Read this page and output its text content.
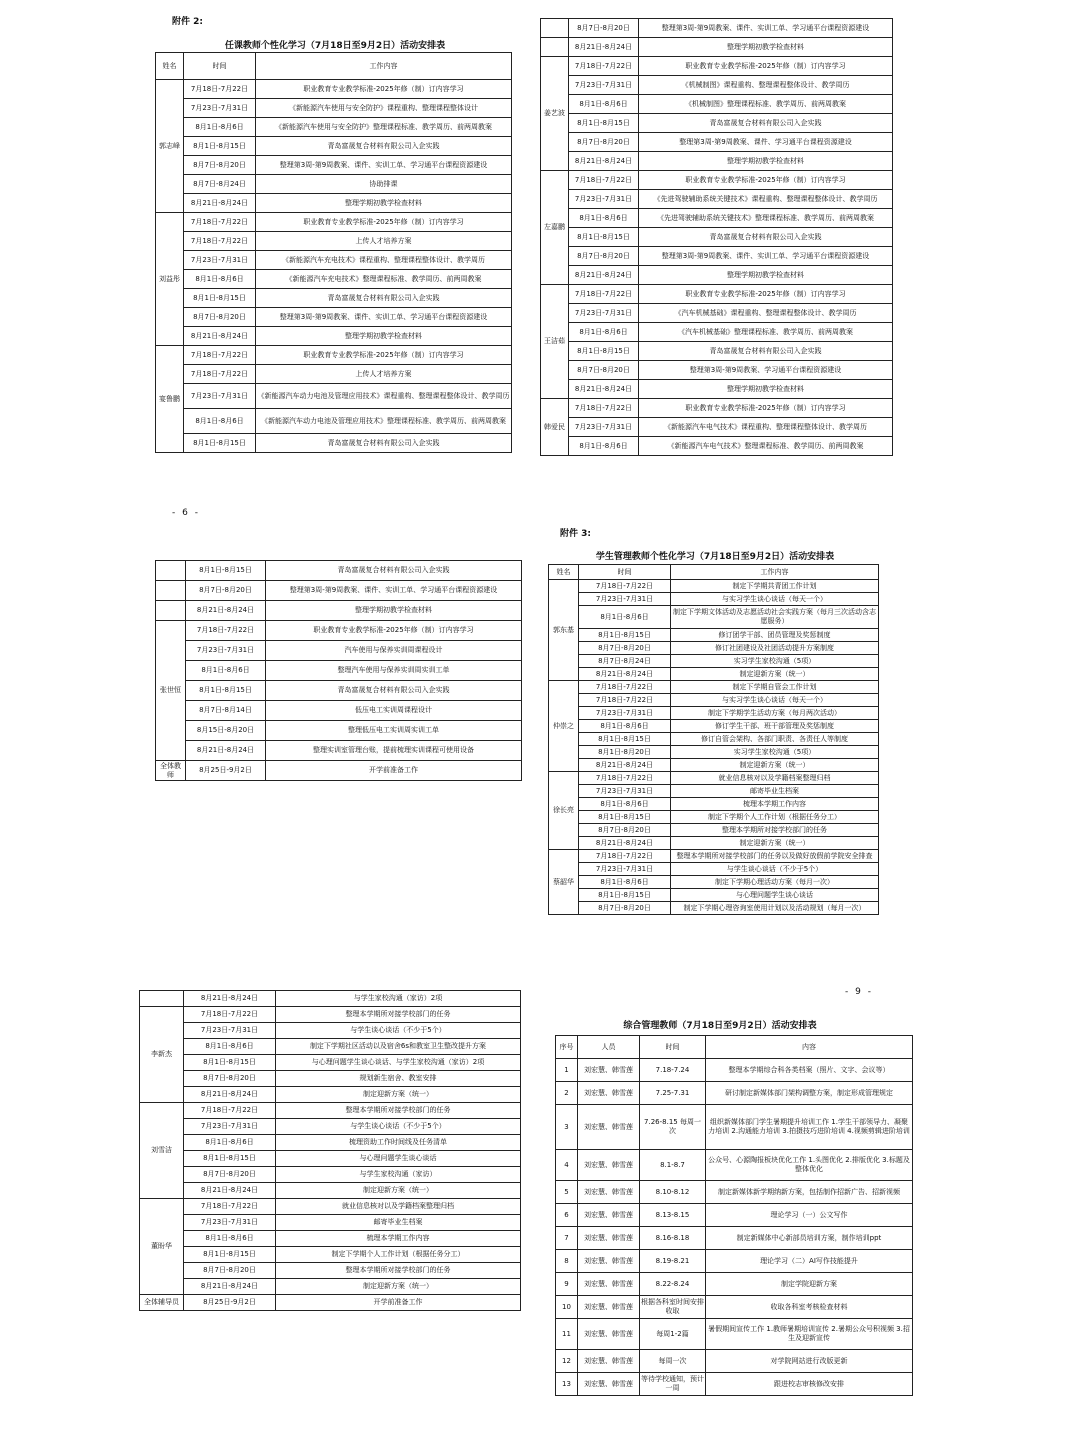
附件 2:
任课教师个性化学习（7月18日至9月2日）活动安排表
姓名	时间	工作内容
郭志峰	7月18日-7月22日	职业教育专业教学标准-2025年修（制）订内容学习
	7月23日-7月31日	《新能源汽车使用与安全防护》课程重构、整理课程整体设计
	8月1日-8月6日	《新能源汽车使用与安全防护》整理课程标准、教学周历、前两周教案
	8月1日-8月15日	青岛富晟复合材料有限公司入企实践
	8月7日-8月20日	整理第3周-第9周教案、课件、实训工单、学习通平台课程资源建设
	8月7日-8月24日	协助排课
	8月21日-8月24日	整理学期初教学检查材料
刘益彤	7月18日-7月22日	职业教育专业教学标准-2025年修（制）订内容学习
	7月18日-7月22日	上传人才培养方案
	7月23日-7月31日	《新能源汽车充电技术》课程重构、整理课程整体设计、教学周历
	8月1日-8月6日	《新能源汽车充电技术》整理课程标准、教学周历、前两周教案
	8月1日-8月15日	青岛富晟复合材料有限公司入企实践
	8月7日-8月20日	整理第3周-第9周教案、课件、实训工单、学习通平台课程资源建设
	8月21日-8月24日	整理学期初教学检查材料
宴鲁鹏	7月18日-7月22日	职业教育专业教学标准-2025年修（制）订内容学习
	7月18日-7月22日	上传人才培养方案
	7月23日-7月31日	《新能源汽车动力电池及管理应用技术》课程重构、整理课程整体设计、教学周历
	8月1日-8月6日	《新能源汽车动力电池及管理应用技术》整理课程标准、教学周历、前两周教案
	8月1日-8月15日	青岛富晟复合材料有限公司入企实践
- 6 -
	8月7日-8月20日	整理第3周-第9周教案、课件、实训工单、学习通平台课程资源建设
	8月21日-8月24日	整理学期初教学检查材料
姜艺波	7月18日-7月22日	职业教育专业教学标准-2025年修（制）订内容学习
	7月23日-7月31日	《机械制图》课程重构、整理课程整体设计、教学周历
	8月1日-8月6日	《机械制图》整理课程标准、教学周历、前两周教案
	8月1日-8月15日	青岛富晟复合材料有限公司入企实践
	8月7日-8月20日	整理第3周-第9周教案、课件、学习通平台课程资源建设
	8月21日-8月24日	整理学期初教学检查材料
左嘉鹏	7月18日-7月22日	职业教育专业教学标准-2025年修（制）订内容学习
	7月23日-7月31日	《先进驾驶辅助系统关键技术》课程重构、整理课程整体设计、教学周历
	8月1日-8月6日	《先进驾驶辅助系统关键技术》整理课程标准、教学周历、前两周教案
	8月1日-8月15日	青岛富晟复合材料有限公司入企实践
	8月7日-8月20日	整理第3周-第9周教案、课件、实训工单、学习通平台课程资源建设
	8月21日-8月24日	整理学期初教学检查材料
王洁茹	7月18日-7月22日	职业教育专业教学标准-2025年修（制）订内容学习
	7月23日-7月31日	《汽车机械基础》课程重构、整理课程整体设计、教学周历
	8月1日-8月6日	《汽车机械基础》整理课程标准、教学周历、前两周教案
	8月1日-8月15日	青岛富晟复合材料有限公司入企实践
	8月7日-8月20日	整理第3周-第9周教案、学习通平台课程资源建设
	8月21日-8月24日	整理学期初教学检查材料
韩爱民	7月18日-7月22日	职业教育专业教学标准-2025年修（制）订内容学习
	7月23日-7月31日	《新能源汽车电气技术》课程重构、整理课程整体设计、教学周历
	8月1日-8月6日	《新能源汽车电气技术》整理课程标准、教学周历、前两周教案
	8月1日-8月15日	青岛富晟复合材料有限公司入企实践
	8月7日-8月20日	整理第3周-第9周教案、课件、实训工单、学习通平台课程资源建设
	8月21日-8月24日	整理学期初教学检查材料
张世恒	7月18日-7月22日	职业教育专业教学标准-2025年修（制）订内容学习
	7月23日-7月31日	汽车使用与保养实训周课程设计
	8月1日-8月6日	整理汽车使用与保养实训周实训工单
	8月1日-8月15日	青岛富晟复合材料有限公司入企实践
	8月7日-8月14日	低压电工实训周课程设计
	8月15日-8月20日	整理低压电工实训周实训工单
	8月21日-8月24日	整理实训室管理台账，提前梳理实训课程可使用设备
全体教师	8月25日-9月2日	开学前准备工作
附件 3:
学生管理教师个性化学习（7月18日至9月2日）活动安排表
姓名	时间	工作内容
郭东基	7月18日-7月22日	制定下学期共青团工作计划
	7月23日-7月31日	与实习学生谈心谈话（每天一个）
	8月1日-8月6日	制定下学期文体活动及志愿活动社会实践方案（每月三次活动含志愿服务）
	8月1日-8月15日	修订团学干部、团员管理及奖惩制度
	8月7日-8月20日	修订社团建设及社团活动提升方案制度
	8月7日-8月24日	实习学生家校沟通（5项）
	8月21日-8月24日	制定迎新方案（统一）
仲崇之	7月18日-7月22日	制定下学期自管会工作计划
	7月18日-7月22日	与实习学生谈心谈话（每天一个）
	7月23日-7月31日	制定下学期学生活动方案（每月两次活动）
	8月1日-8月6日	修订学生干部、班干部管理及奖惩制度
	8月1日-8月15日	修订自管会架构、各部门职责、各责任人等制度
	8月1日-8月20日	实习学生家校沟通（5项）
	8月21日-8月24日	制定迎新方案（统一）
徐长亮	7月18日-7月22日	就业信息核对以及学籍档案整理归档
	7月23日-7月31日	邮寄毕业生档案
	8月1日-8月6日	梳理本学期工作内容
	8月1日-8月15日	制定下学期个人工作计划（根据任务分工）
	8月7日-8月20日	整理本学期所对接学校部门的任务
	8月21日-8月24日	制定迎新方案（统一）
蔡韶华	7月18日-7月22日	整理本学期所对接学校部门的任务以及做好放假前学院安全排查
	7月23日-7月31日	与学生谈心谈话（不少于5个）
	8月1日-8月6日	制定下学期心理活动方案（每月一次）
	8月1日-8月15日	与心理问题学生谈心谈话
	8月7日-8月20日	制定下学期心理咨询室使用计划以及活动规划（每月一次）
- 9 -
	8月21日-8月24日	与学生家校沟通（家访）2项
李新杰	7月18日-7月22日	整理本学期所对接学校部门的任务
	7月23日-7月31日	与学生谈心谈话（不少于5个）
	8月1日-8月6日	制定下学期社区活动以及宿舍6s和教室卫生整改提升方案
	8月1日-8月15日	与心理问题学生谈心谈话、与学生家校沟通（家访）2项
	8月7日-8月20日	规划新生宿舍、教室安排
	8月21日-8月24日	制定迎新方案（统一）
刘雪洁	7月18日-7月22日	整理本学期所对接学校部门的任务
	7月23日-7月31日	与学生谈心谈话（不少于5个）
	8月1日-8月6日	梳理资助工作时间线及任务清单
	8月1日-8月15日	与心理问题学生谈心谈话
	8月7日-8月20日	与学生家校沟通（家访）
	8月21日-8月24日	制定迎新方案（统一）
董盼华	7月18日-7月22日	就业信息核对以及学籍档案整理归档
	7月23日-7月31日	邮寄毕业生档案
	8月1日-8月6日	梳理本学期工作内容
	8月1日-8月15日	制定下学期个人工作计划（根据任务分工）
	8月7日-8月20日	整理本学期所对接学校部门的任务
	8月21日-8月24日	制定迎新方案（统一）
全体辅导员	8月25日-9月2日	开学前准备工作
综合管理教师（7月18日至9月2日）活动安排表
序号	人员	时间	内容
1	刘宏慧、韩雪莲	7.18-7.24	整理本学期综合科各类档案（照片、文字、会议等）
2	刘宏慧、韩雪莲	7.25-7.31	研讨制定新媒体部门架构调整方案，制定形成管理规定
3	刘宏慧、韩雪莲	7.26-8.15 每周一次	组织新媒体部门学生暑期提升培训工作 1.学生干部领导力、凝聚力培训 2.沟通能力培训 3.拍摄技巧进阶培训 4.视频剪辑进阶培训
4	刘宏慧、韩雪莲	8.1-8.7	公众号、心源陶报板块优化工作 1.头图优化 2.排版优化 3.标题及整体优化
5	刘宏慧、韩雪莲	8.10-8.12	制定新媒体新学期纳新方案，包括制作招新广告、招新视频
6	刘宏慧、韩雪莲	8.13-8.15	理论学习（一）公文写作
7	刘宏慧、韩雪莲	8.16-8.18	制定新媒体中心新部员培训方案，制作培训ppt
8	刘宏慧、韩雪莲	8.19-8.21	理论学习（二）AI写作技能提升
9	刘宏慧、韩雪莲	8.22-8.24	制定学院迎新方案
10	刘宏慧、韩雪莲	根据各科室时间安排收取	收取各科室考核检查材料
11	刘宏慧、韩雪莲	每周1-2篇	暑假期间宣传工作 1.教师暑期培训宣传 2.暑期公众号积视频 3.招生及迎新宣传
12	刘宏慧、韩雪莲	每周一次	对学院网站进行改版更新
13	刘宏慧、韩雪莲	等待学校通知，预计一周	跟进校志审核修改安排
